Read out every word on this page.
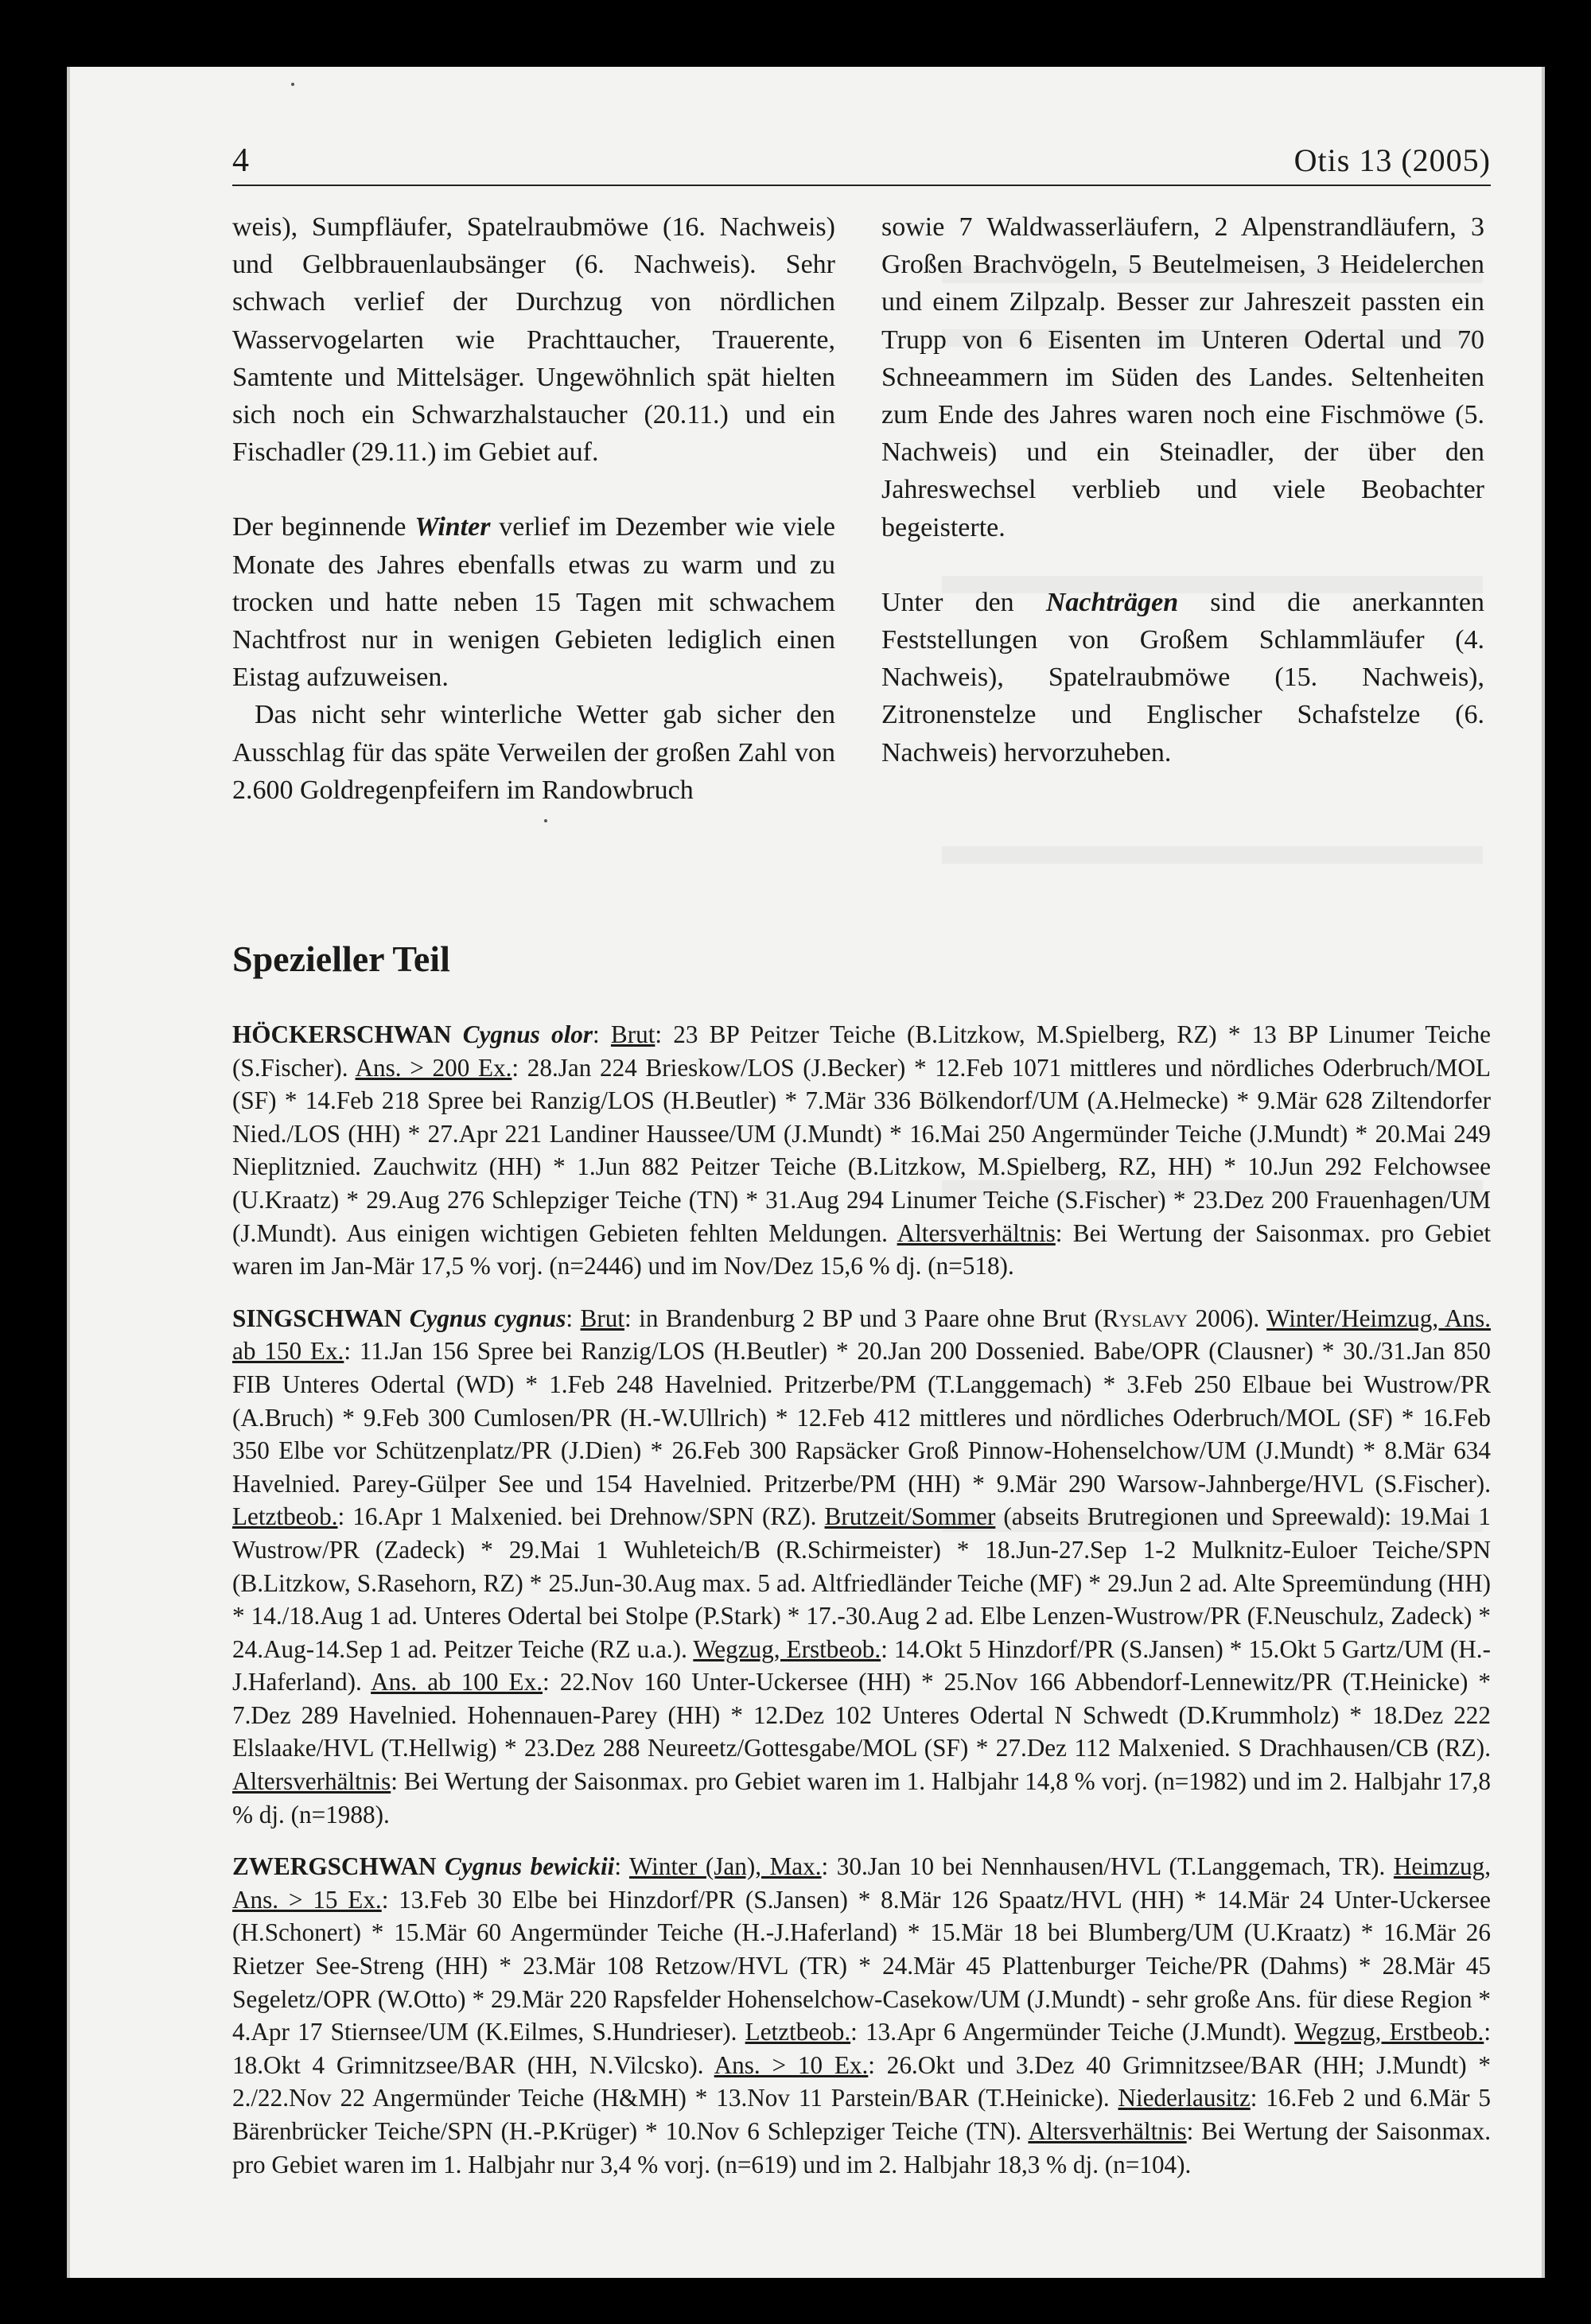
4	Otis 13 (2005)

weis), Sumpfläufer, Spatelraubmöwe (16. Nachweis) und Gelbbrauenlaubsänger (6. Nachweis). Sehr schwach verlief der Durchzug von nördlichen Wasservogelarten wie Prachttaucher, Trauerente, Samtente und Mittelsäger. Ungewöhnlich spät hielten sich noch ein Schwarzhalstaucher (20.11.) und ein Fischadler (29.11.) im Gebiet auf.

Der beginnende Winter verlief im Dezember wie viele Monate des Jahres ebenfalls etwas zu warm und zu trocken und hatte neben 15 Tagen mit schwachem Nachtfrost nur in wenigen Gebieten lediglich einen Eistag aufzuweisen.

Das nicht sehr winterliche Wetter gab sicher den Ausschlag für das späte Verweilen der großen Zahl von 2.600 Goldregenpfeifern im Randowbruch

sowie 7 Waldwasserläufern, 2 Alpenstrandläufern, 3 Großen Brachvögeln, 5 Beutelmeisen, 3 Heidelerchen und einem Zilpzalp. Besser zur Jahreszeit passten ein Trupp von 6 Eisenten im Unteren Odertal und 70 Schneeammern im Süden des Landes. Seltenheiten zum Ende des Jahres waren noch eine Fischmöwe (5. Nachweis) und ein Steinadler, der über den Jahreswechsel verblieb und viele Beobachter begeisterte.

Unter den Nachträgen sind die anerkannten Feststellungen von Großem Schlammläufer (4. Nachweis), Spatelraubmöwe (15. Nachweis), Zitronenstelze und Englischer Schafstelze (6. Nachweis) hervorzuheben.

Spezieller Teil

HÖCKERSCHWAN Cygnus olor: Brut: 23 BP Peitzer Teiche (B.Litzkow, M.Spielberg, RZ) * 13 BP Linumer Teiche (S.Fischer). Ans. > 200 Ex.: 28.Jan 224 Brieskow/LOS (J.Becker) * 12.Feb 1071 mittleres und nördliches Oderbruch/MOL (SF) * 14.Feb 218 Spree bei Ranzig/LOS (H.Beutler) * 7.Mär 336 Bölkendorf/UM (A.Helmecke) * 9.Mär 628 Ziltendorfer Nied./LOS (HH) * 27.Apr 221 Landiner Haussee/UM (J.Mundt) * 16.Mai 250 Angermünder Teiche (J.Mundt) * 20.Mai 249 Nieplitznied. Zauchwitz (HH) * 1.Jun 882 Peitzer Teiche (B.Litzkow, M.Spielberg, RZ, HH) * 10.Jun 292 Felchowsee (U.Kraatz) * 29.Aug 276 Schlepziger Teiche (TN) * 31.Aug 294 Linumer Teiche (S.Fischer) * 23.Dez 200 Frauenhagen/UM (J.Mundt). Aus einigen wichtigen Gebieten fehlten Meldungen. Altersverhältnis: Bei Wertung der Saisonmax. pro Gebiet waren im Jan-Mär 17,5 % vorj. (n=2446) und im Nov/Dez 15,6 % dj. (n=518).

SINGSCHWAN Cygnus cygnus: Brut: in Brandenburg 2 BP und 3 Paare ohne Brut (Ryslavy 2006). Winter/Heimzug, Ans. ab 150 Ex.: 11.Jan 156 Spree bei Ranzig/LOS (H.Beutler) * 20.Jan 200 Dossenied. Babe/OPR (Clausner) * 30./31.Jan 850 FIB Unteres Odertal (WD) * 1.Feb 248 Havelnied. Pritzerbe/PM (T.Langgemach) * 3.Feb 250 Elbaue bei Wustrow/PR (A.Bruch) * 9.Feb 300 Cumlosen/PR (H.-W.Ullrich) * 12.Feb 412 mittleres und nördliches Oderbruch/MOL (SF) * 16.Feb 350 Elbe vor Schützenplatz/PR (J.Dien) * 26.Feb 300 Rapsäcker Groß Pinnow-Hohenselchow/UM (J.Mundt) * 8.Mär 634 Havelnied. Parey-Gülper See und 154 Havelnied. Pritzerbe/PM (HH) * 9.Mär 290 Warsow-Jahnberge/HVL (S.Fischer). Letztbeob.: 16.Apr 1 Malxenied. bei Drehnow/SPN (RZ). Brutzeit/Sommer (abseits Brutregionen und Spreewald): 19.Mai 1 Wustrow/PR (Zadeck) * 29.Mai 1 Wuhleteich/B (R.Schirmeister) * 18.Jun-27.Sep 1-2 Mulknitz-Euloer Teiche/SPN (B.Litzkow, S.Rasehorn, RZ) * 25.Jun-30.Aug max. 5 ad. Altfriedländer Teiche (MF) * 29.Jun 2 ad. Alte Spreemündung (HH) * 14./18.Aug 1 ad. Unteres Odertal bei Stolpe (P.Stark) * 17.-30.Aug 2 ad. Elbe Lenzen-Wustrow/PR (F.Neuschulz, Zadeck) * 24.Aug-14.Sep 1 ad. Peitzer Teiche (RZ u.a.). Wegzug, Erstbeob.: 14.Okt 5 Hinzdorf/PR (S.Jansen) * 15.Okt 5 Gartz/UM (H.-J.Haferland). Ans. ab 100 Ex.: 22.Nov 160 Unter-Uckersee (HH) * 25.Nov 166 Abbendorf-Lennewitz/PR (T.Heinicke) * 7.Dez 289 Havelnied. Hohennauen-Parey (HH) * 12.Dez 102 Unteres Odertal N Schwedt (D.Krummholz) * 18.Dez 222 Elslaake/HVL (T.Hellwig) * 23.Dez 288 Neureetz/Gottesgabe/MOL (SF) * 27.Dez 112 Malxenied. S Drachhausen/CB (RZ). Altersverhältnis: Bei Wertung der Saisonmax. pro Gebiet waren im 1. Halbjahr 14,8 % vorj. (n=1982) und im 2. Halbjahr 17,8 % dj. (n=1988).

ZWERGSCHWAN Cygnus bewickii: Winter (Jan), Max.: 30.Jan 10 bei Nennhausen/HVL (T.Langgemach, TR). Heimzug, Ans. > 15 Ex.: 13.Feb 30 Elbe bei Hinzdorf/PR (S.Jansen) * 8.Mär 126 Spaatz/HVL (HH) * 14.Mär 24 Unter-Uckersee (H.Schonert) * 15.Mär 60 Angermünder Teiche (H.-J.Haferland) * 15.Mär 18 bei Blumberg/UM (U.Kraatz) * 16.Mär 26 Rietzer See-Streng (HH) * 23.Mär 108 Retzow/HVL (TR) * 24.Mär 45 Plattenburger Teiche/PR (Dahms) * 28.Mär 45 Segeletz/OPR (W.Otto) * 29.Mär 220 Rapsfelder Hohenselchow-Casekow/UM (J.Mundt) - sehr große Ans. für diese Region * 4.Apr 17 Stiernsee/UM (K.Eilmes, S.Hundrieser). Letztbeob.: 13.Apr 6 Angermünder Teiche (J.Mundt). Wegzug, Erstbeob.: 18.Okt 4 Grimnitzsee/BAR (HH, N.Vilcsko). Ans. > 10 Ex.: 26.Okt und 3.Dez 40 Grimnitzsee/BAR (HH; J.Mundt) * 2./22.Nov 22 Angermünder Teiche (H&MH) * 13.Nov 11 Parstein/BAR (T.Heinicke). Niederlausitz: 16.Feb 2 und 6.Mär 5 Bärenbrücker Teiche/SPN (H.-P.Krüger) * 10.Nov 6 Schlepziger Teiche (TN). Altersverhältnis: Bei Wertung der Saisonmax. pro Gebiet waren im 1. Halbjahr nur 3,4 % vorj. (n=619) und im 2. Halbjahr 18,3 % dj. (n=104).
